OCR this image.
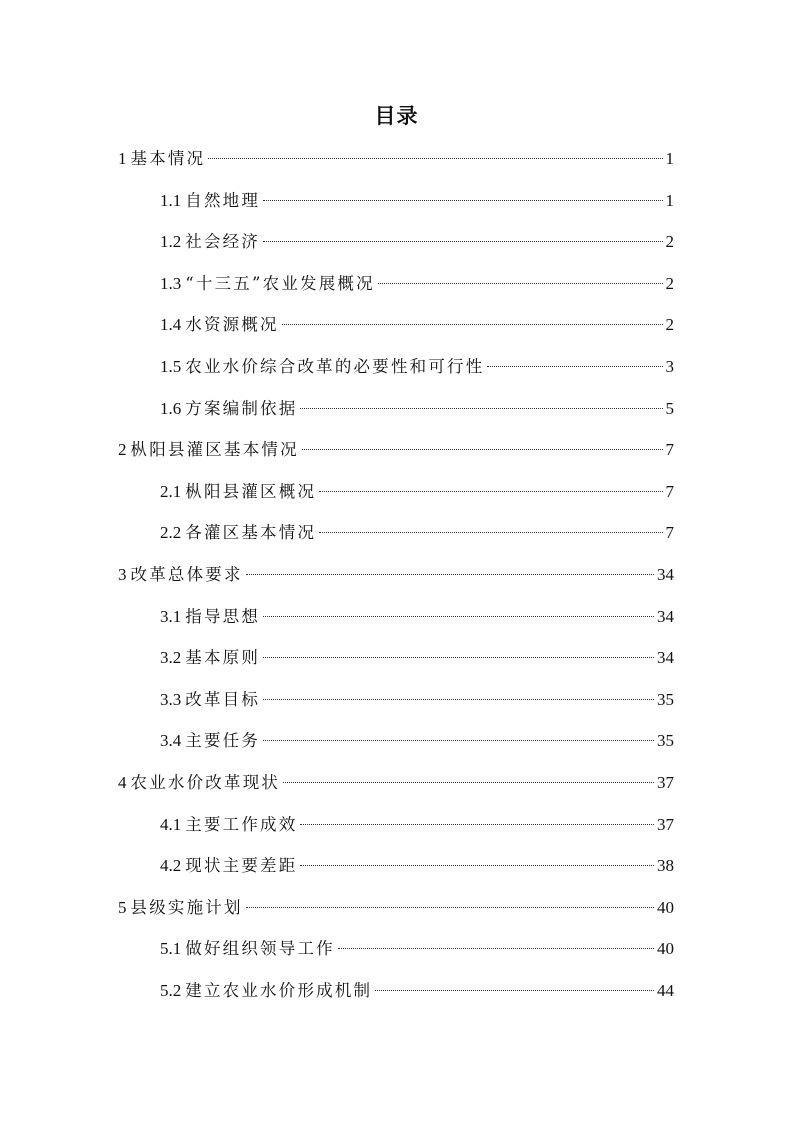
目录
1 基本情况	1
1.1 自然地理	1
1.2 社会经济	2
1.3 “十三五”农业发展概况	2
1.4 水资源概况	2
1.5 农业水价综合改革的必要性和可行性	3
1.6 方案编制依据	5
2 枞阳县灌区基本情况	7
2.1 枞阳县灌区概况	7
2.2 各灌区基本情况	7
3 改革总体要求	34
3.1 指导思想	34
3.2 基本原则	34
3.3 改革目标	35
3.4 主要任务	35
4 农业水价改革现状	37
4.1 主要工作成效	37
4.2 现状主要差距	38
5 县级实施计划	40
5.1 做好组织领导工作	40
5.2 建立农业水价形成机制	44
